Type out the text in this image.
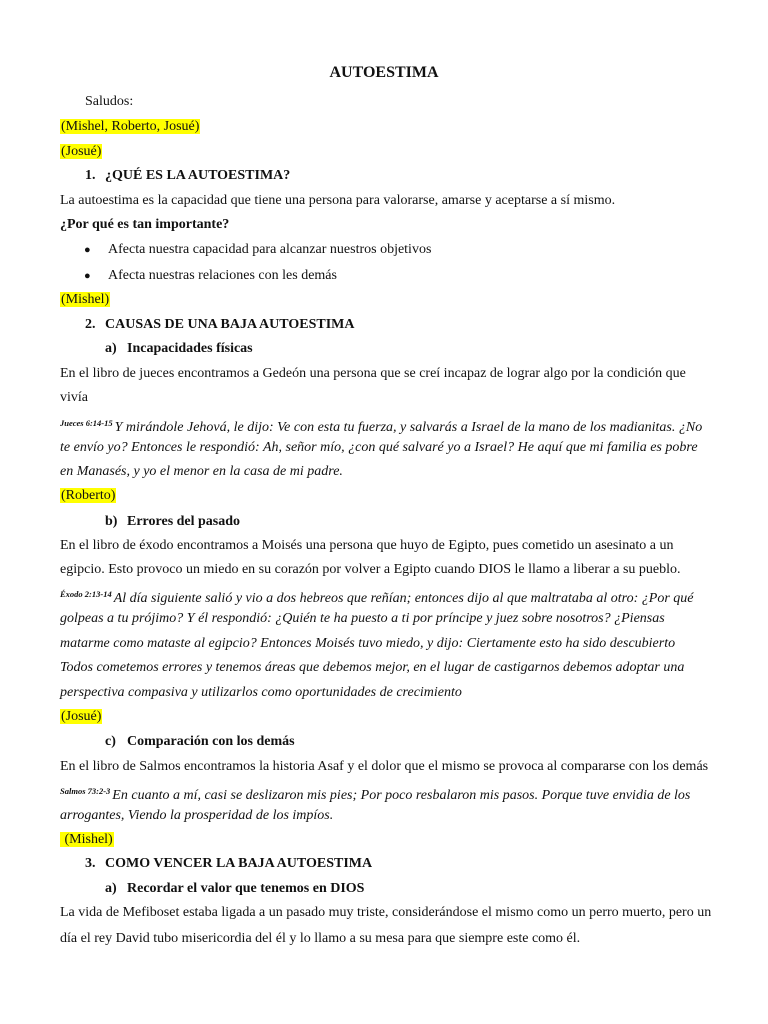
AUTOESTIMA
Saludos:
(Mishel, Roberto, Josué)
(Josué)
1. ¿QUÉ ES LA AUTOESTIMA?
La autoestima es la capacidad que tiene una persona para valorarse, amarse y aceptarse a sí mismo.
¿Por qué es tan importante?
● Afecta nuestra capacidad para alcanzar nuestros objetivos
● Afecta nuestras relaciones con les demás
(Mishel)
2. CAUSAS DE UNA BAJA AUTOESTIMA
a) Incapacidades físicas
En el libro de jueces encontramos a Gedeón una persona que se creí incapaz de lograr algo por la condición que
vivía
$^{Jueces 6:14-15}$ Y mirándole Jehová, le dijo: Ve con esta tu fuerza, y salvarás a Israel de la mano de los madianitas. ¿No
te envío yo? Entonces le respondió: Ah, señor mío, ¿con qué salvaré yo a Israel? He aquí que mi familia es pobre
en Manasés, y yo el menor en la casa de mi padre.
(Roberto)
b) Errores del pasado
En el libro de éxodo encontramos a Moisés una persona que huyo de Egipto, pues cometido un asesinato a un
egipcio. Esto provoco un miedo en su corazón por volver a Egipto cuando DIOS le llamo a liberar a su pueblo.
$^{Éxodo 2:13-14}$ Al día siguiente salió y vio a dos hebreos que reñían; entonces dijo al que maltrataba al otro: ¿Por qué
golpeas a tu prójimo? Y él respondió: ¿Quién te ha puesto a ti por príncipe y juez sobre nosotros? ¿Piensas
matarme como mataste al egipcio? Entonces Moisés tuvo miedo, y dijo: Ciertamente esto ha sido descubierto
Todos cometemos errores y tenemos áreas que debemos mejor, en el lugar de castigarnos debemos adoptar una
perspectiva compasiva y utilizarlos como oportunidades de crecimiento
(Josué)
c) Comparación con los demás
En el libro de Salmos encontramos la historia Asaf y el dolor que el mismo se provoca al compararse con los demás
$^{Salmos 73:2-3}$ En cuanto a mí, casi se deslizaron mis pies; Por poco resbalaron mis pasos. Porque tuve envidia de los
arrogantes, Viendo la prosperidad de los impíos.
(Mishel)
3. COMO VENCER LA BAJA AUTOESTIMA
a) Recordar el valor que tenemos en DIOS
La vida de Mefiboset estaba ligada a un pasado muy triste, considerándose el mismo como un perro muerto, pero un
día el rey David tubo misericordia del él y lo llamo a su mesa para que siempre este como él.
